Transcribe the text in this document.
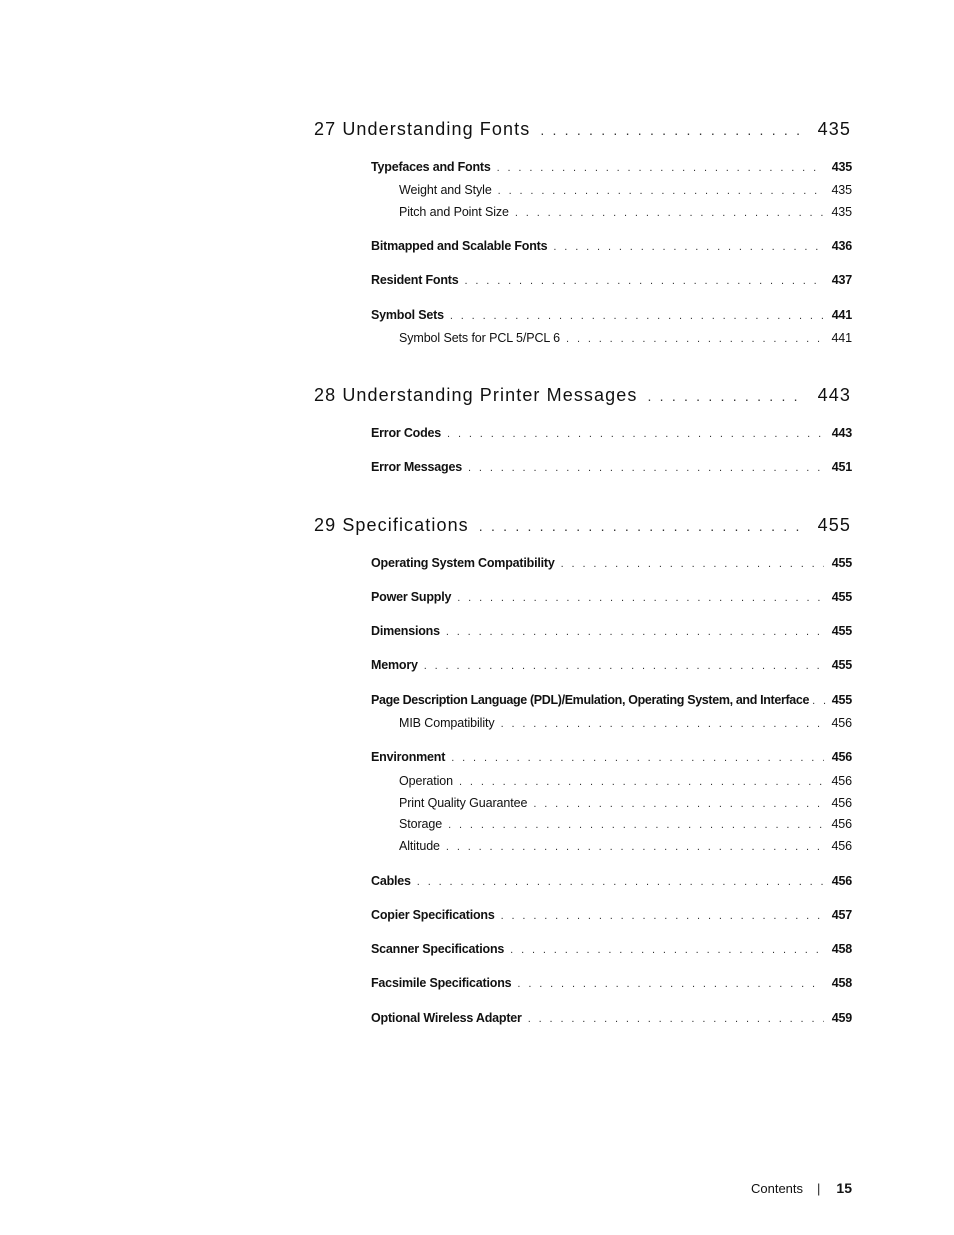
27 Understanding Fonts . . .	435
Typefaces and Fonts . . .	435
Weight and Style . . .	435
Pitch and Point Size . . .	435
Bitmapped and Scalable Fonts . . .	436
Resident Fonts . . .	437
Symbol Sets . . .	441
Symbol Sets for PCL 5/PCL 6 . . .	441
28 Understanding Printer Messages . . .	443
Error Codes . . .	443
Error Messages . . .	451
29 Specifications . . .	455
Operating System Compatibility . . .	455
Power Supply . . .	455
Dimensions . . .	455
Memory . . .	455
Page Description Language (PDL)/Emulation, Operating System, and Interface . . . 455
MIB Compatibility . . .	456
Environment . . .	456
Operation . . .	456
Print Quality Guarantee . . .	456
Storage . . .	456
Altitude . . .	456
Cables . . .	456
Copier Specifications . . .	457
Scanner Specifications . . .	458
Facsimile Specifications . . .	458
Optional Wireless Adapter . . .	459
Contents | 15
